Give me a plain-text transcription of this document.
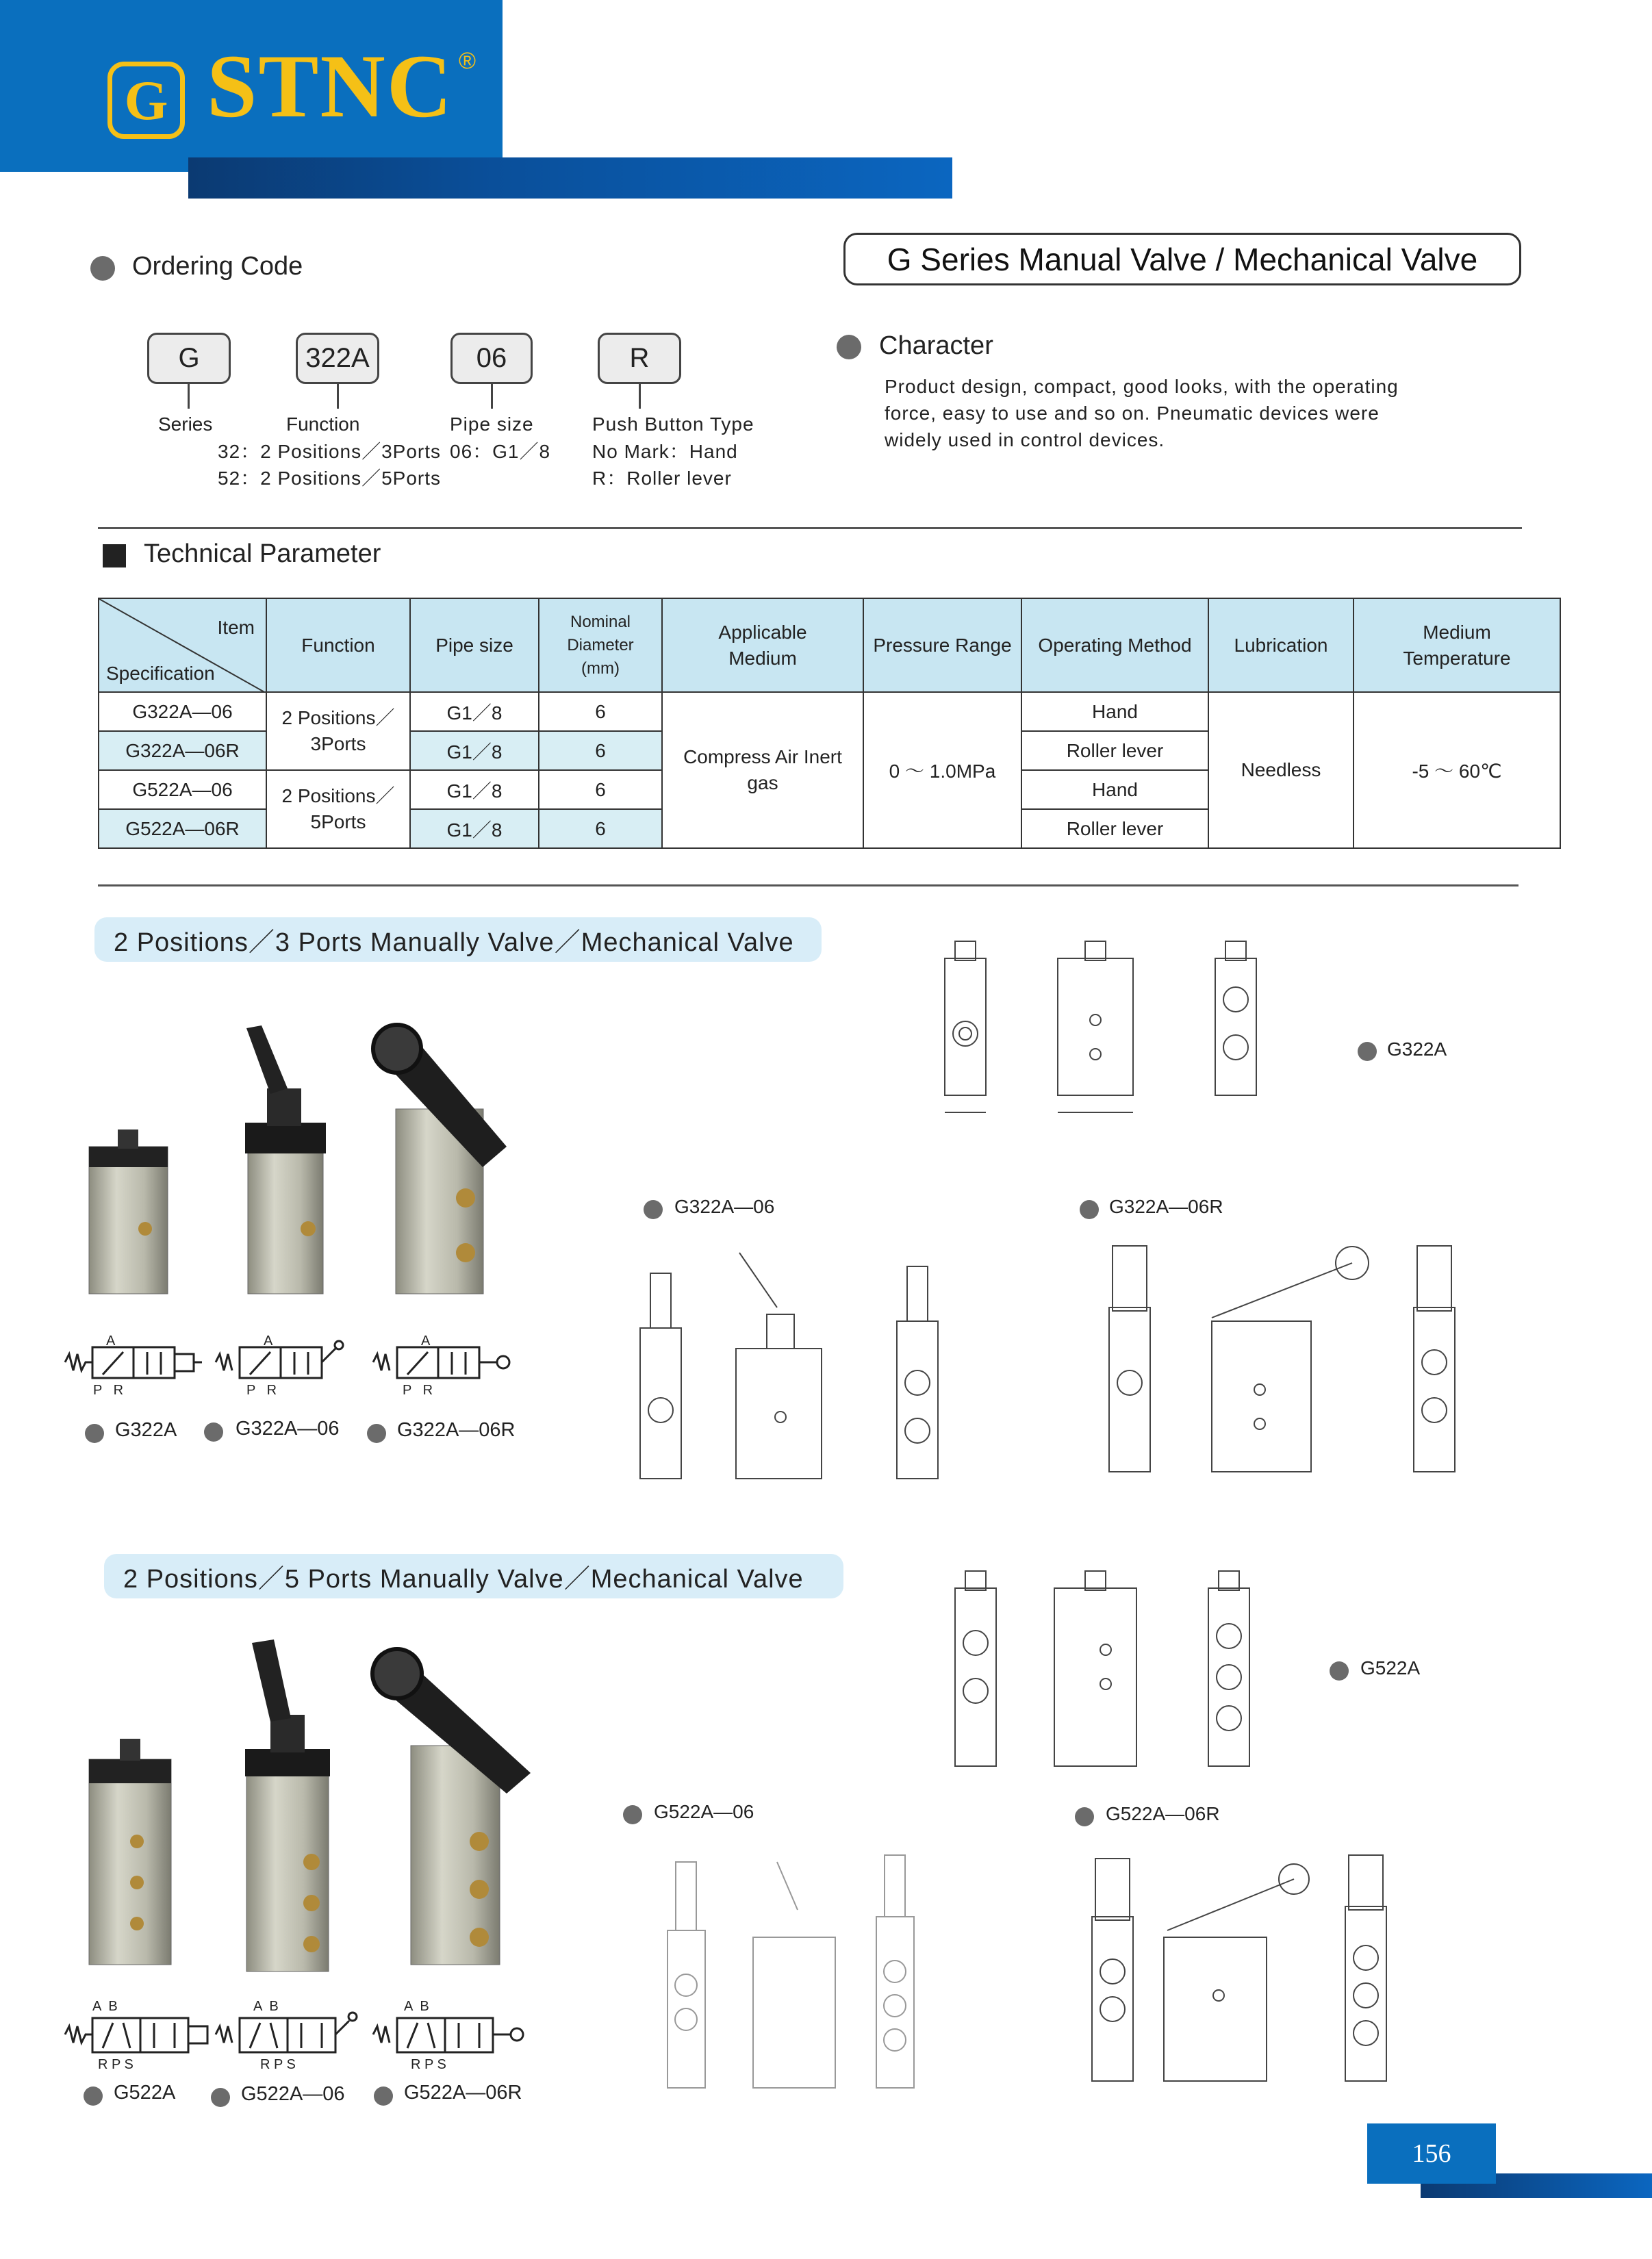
G STNC ®
G Series Manual Valve / Mechanical Valve
Ordering Code
G	322A	06	R
Series	Function
32：2 Positions／3Ports
52：2 Positions／5Ports
Pipe size
06：G1／8
Push Button Type
No Mark：Hand
R：Roller lever
Character
Product design, compact, good looks, with the operating force, easy to use and so on. Pneumatic devices were widely used in control devices.
Technical Parameter
Item
Specification	Function	Pipe size	Nominal Diameter (mm)	Applicable Medium	Pressure Range	Operating Method	Lubrication	Medium Temperature
G322A—06	2 Positions／3Ports	G1／8	6	Compress Air Inert gas	0 ～ 1.0MPa	Hand	Needless	-5 ～ 60℃
G322A—06R		G1／8	6			Roller lever		
G522A—06	2 Positions／5Ports	G1／8	6			Hand		
G522A—06R		G1／8	6			Roller lever		
2 Positions／3 Ports Manually Valve／Mechanical Valve
A	A	A
P   R	P   R	P   R
G322A	G322A—06	G322A—06R
G322A
G322A—06	G322A—06R
2 Positions／5 Ports Manually Valve／Mechanical Valve
A  B	A  B	A  B
R P S	R P S	R P S
G522A	G522A—06	G522A—06R
G522A
G522A—06	G522A—06R
156
